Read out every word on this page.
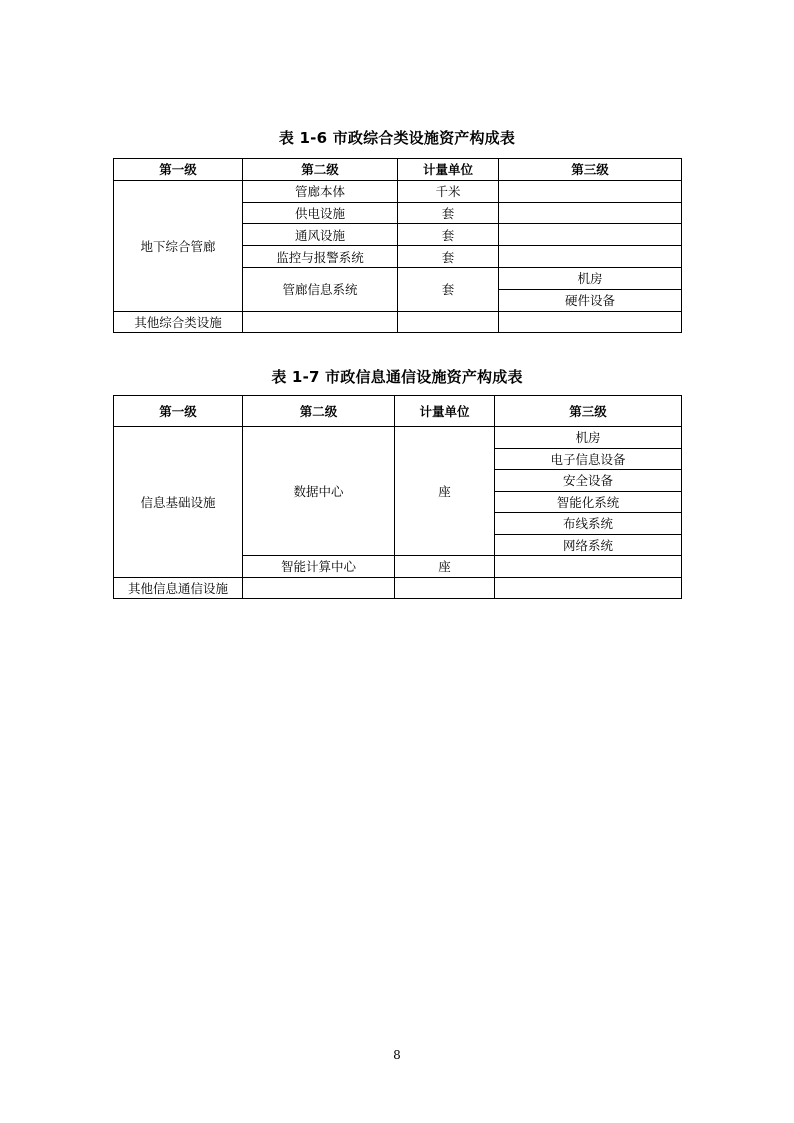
表 1-6 市政综合类设施资产构成表
第一级	第二级	计量单位	第三级
地下综合管廊	管廊本体	千米	
	供电设施	套	
	通风设施	套	
	监控与报警系统	套	
	管廊信息系统	套	机房
			硬件设备
其他综合类设施			
表 1-7 市政信息通信设施资产构成表
第一级	第二级	计量单位	第三级
信息基础设施	数据中心	座	机房
			电子信息设备
			安全设备
			智能化系统
			布线系统
			网络系统
	智能计算中心	座	
其他信息通信设施			
8
